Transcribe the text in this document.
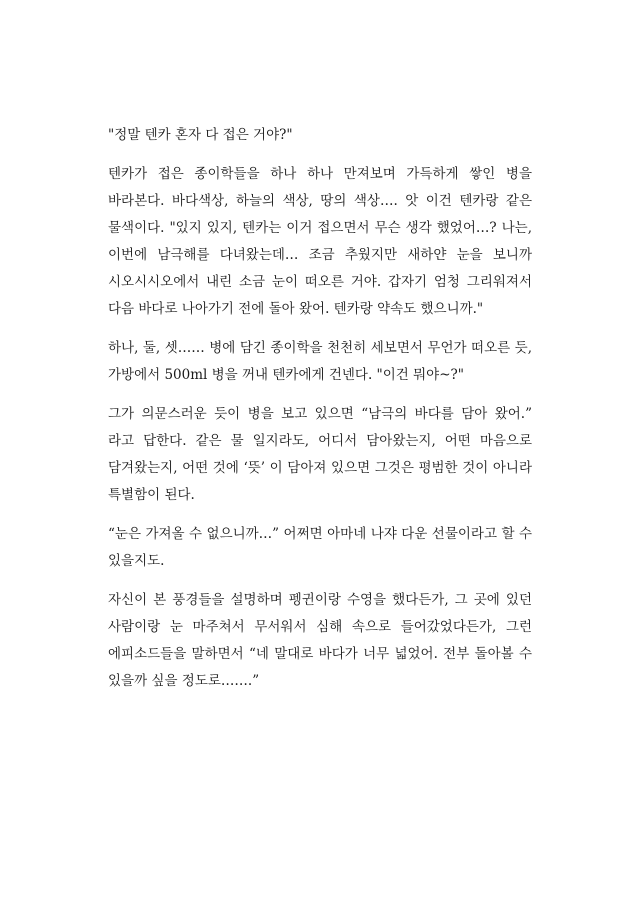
"정말 텐카 혼자 다 접은 거야?"

텐카가 접은 종이학들을 하나 하나 만져보며 가득하게 쌓인 병을 바라본다. 바다색상, 하늘의 색상, 땅의 색상…. 앗 이건 텐카랑 같은 물색이다. "있지 있지, 텐카는 이거 접으면서 무슨 생각 했었어…? 나는, 이번에 남극해를 다녀왔는데… 조금 추웠지만 새하얀 눈을 보니까 시오시시오에서 내린 소금 눈이 떠오른 거야. 갑자기 엄청 그리워져서 다음 바다로 나아가기 전에 돌아 왔어. 텐카랑 약속도 했으니까."

하나, 둘, 셋…… 병에 담긴 종이학을 천천히 세보면서 무언가 떠오른 듯, 가방에서 500ml 병을 꺼내 텐카에게 건넨다. "이건 뭐야~?"

그가 의문스러운 듯이 병을 보고 있으면 “남극의 바다를 담아 왔어.” 라고 답한다. 같은 물 일지라도, 어디서 담아왔는지, 어떤 마음으로 담겨왔는지, 어떤 것에 ‘뜻’ 이 담아져 있으면 그것은 평범한 것이 아니라 특별함이 된다.

“눈은 가져올 수 없으니까…” 어쩌면 아마네 나쟈 다운 선물이라고 할 수 있을지도.

자신이 본 풍경들을 설명하며 펭귄이랑 수영을 했다든가, 그 곳에 있던 사람이랑 눈 마주쳐서 무서워서 심해 속으로 들어갔었다든가, 그런 에피소드들을 말하면서 “네 말대로 바다가 너무 넓었어. 전부 돌아볼 수 있을까 싶을 정도로…….”
